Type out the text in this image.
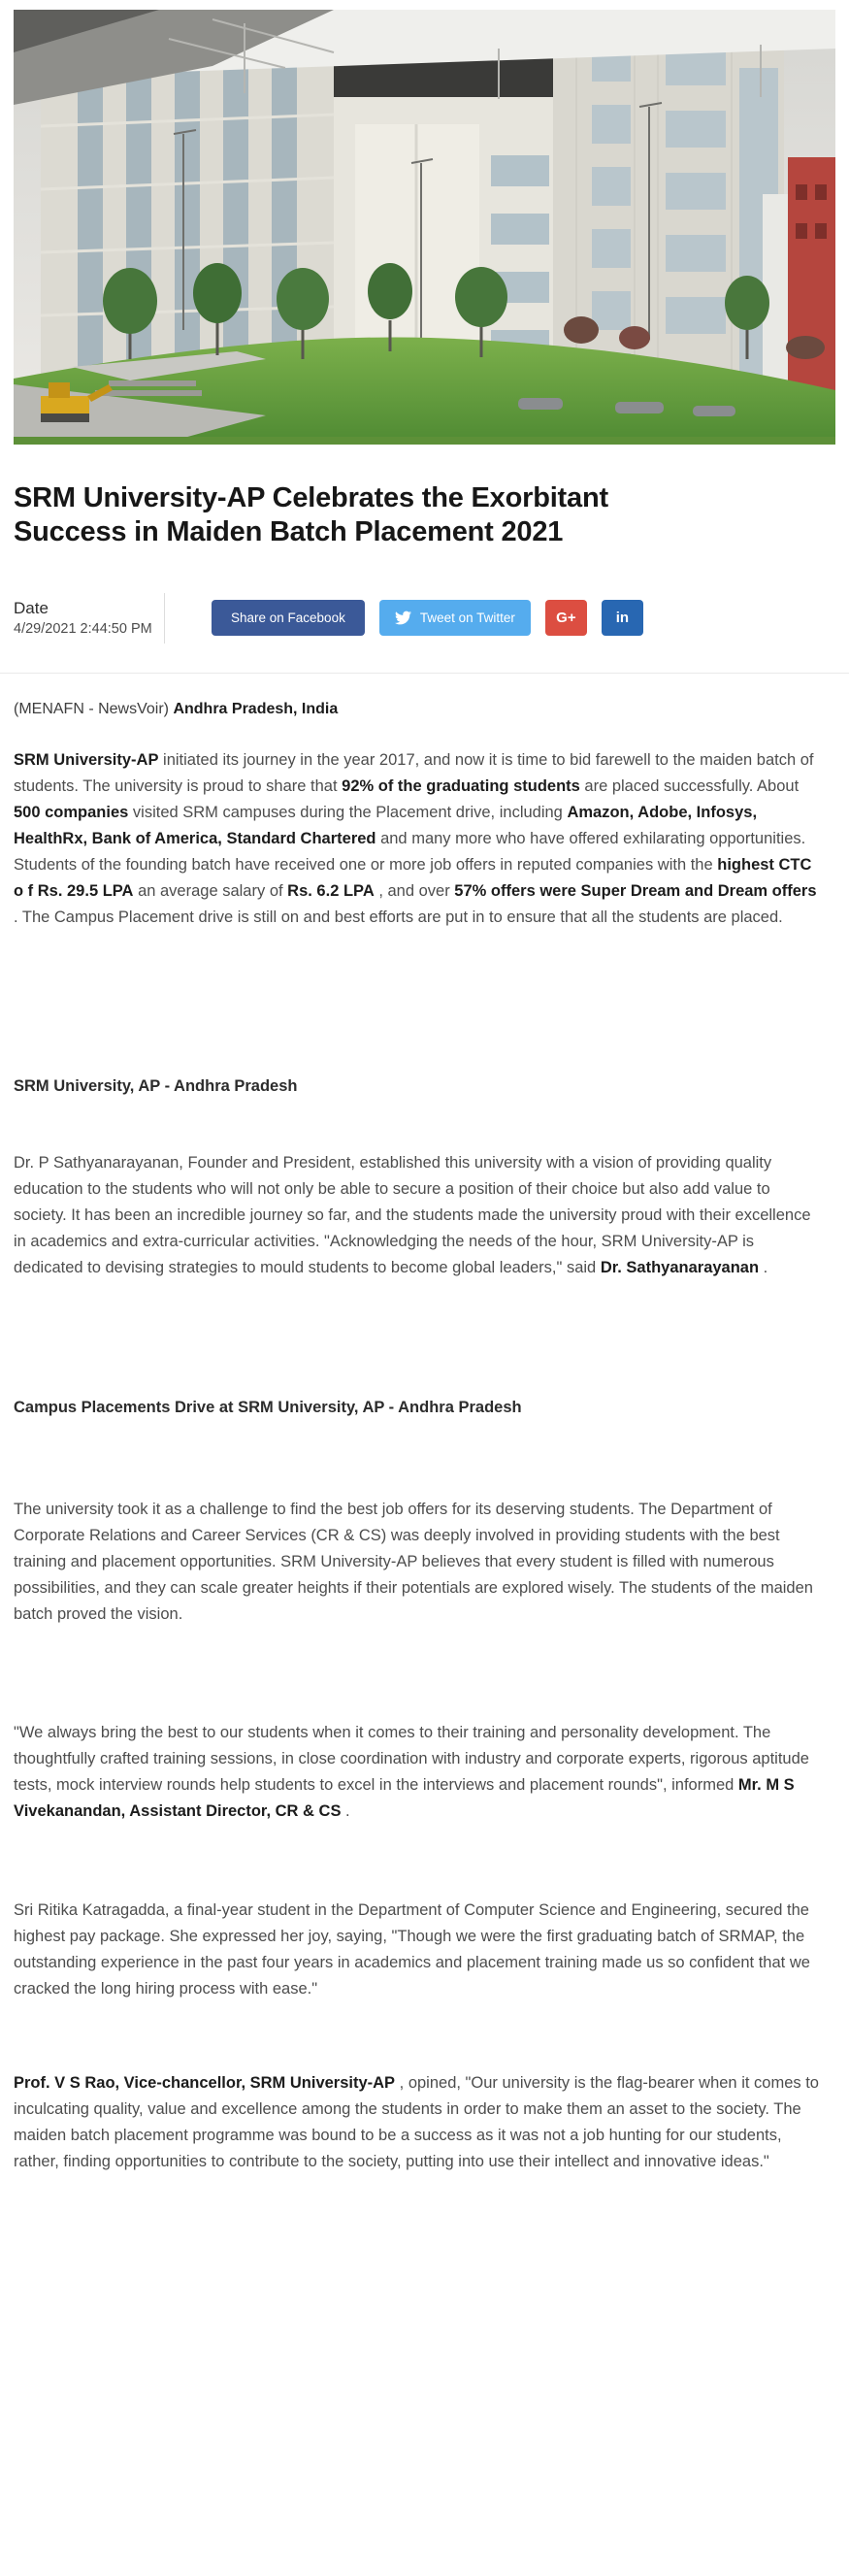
SRM University-AP Celebrates the Exorbitant Success in Maiden Batch Placement 2021
Date
4/29/2021 2:44:50 PM
Share on Facebook	Tweet on Twitter	G+	in

(MENAFN - NewsVoir) Andhra Pradesh, India

SRM University-AP initiated its journey in the year 2017, and now it is time to bid farewell to the maiden batch of students. The university is proud to share that 92% of the graduating students are placed successfully. About 500 companies visited SRM campuses during the Placement drive, including Amazon, Adobe, Infosys, HealthRx, Bank of America, Standard Chartered and many more who have offered exhilarating opportunities. Students of the founding batch have received one or more job offers in reputed companies with the highest CTC o f Rs. 29.5 LPA an average salary of Rs. 6.2 LPA , and over 57% offers were Super Dream and Dream offers . The Campus Placement drive is still on and best efforts are put in to ensure that all the students are placed.

SRM University, AP - Andhra Pradesh

Dr. P Sathyanarayanan, Founder and President, established this university with a vision of providing quality education to the students who will not only be able to secure a position of their choice but also add value to society. It has been an incredible journey so far, and the students made the university proud with their excellence in academics and extra-curricular activities. "Acknowledging the needs of the hour, SRM University-AP is dedicated to devising strategies to mould students to become global leaders," said Dr. Sathyanarayanan .

Campus Placements Drive at SRM University, AP - Andhra Pradesh

The university took it as a challenge to find the best job offers for its deserving students. The Department of Corporate Relations and Career Services (CR & CS) was deeply involved in providing students with the best training and placement opportunities. SRM University-AP believes that every student is filled with numerous possibilities, and they can scale greater heights if their potentials are explored wisely. The students of the maiden batch proved the vision.

"We always bring the best to our students when it comes to their training and personality development. The thoughtfully crafted training sessions, in close coordination with industry and corporate experts, rigorous aptitude tests, mock interview rounds help students to excel in the interviews and placement rounds", informed Mr. M S Vivekanandan, Assistant Director, CR & CS .

Sri Ritika Katragadda, a final-year student in the Department of Computer Science and Engineering, secured the highest pay package. She expressed her joy, saying, "Though we were the first graduating batch of SRMAP, the outstanding experience in the past four years in academics and placement training made us so confident that we cracked the long hiring process with ease."

Prof. V S Rao, Vice-chancellor, SRM University-AP , opined, "Our university is the flag-bearer when it comes to inculcating quality, value and excellence among the students in order to make them an asset to the society. The maiden batch placement programme was bound to be a success as it was not a job hunting for our students, rather, finding opportunities to contribute to the society, putting into use their intellect and innovative ideas."
